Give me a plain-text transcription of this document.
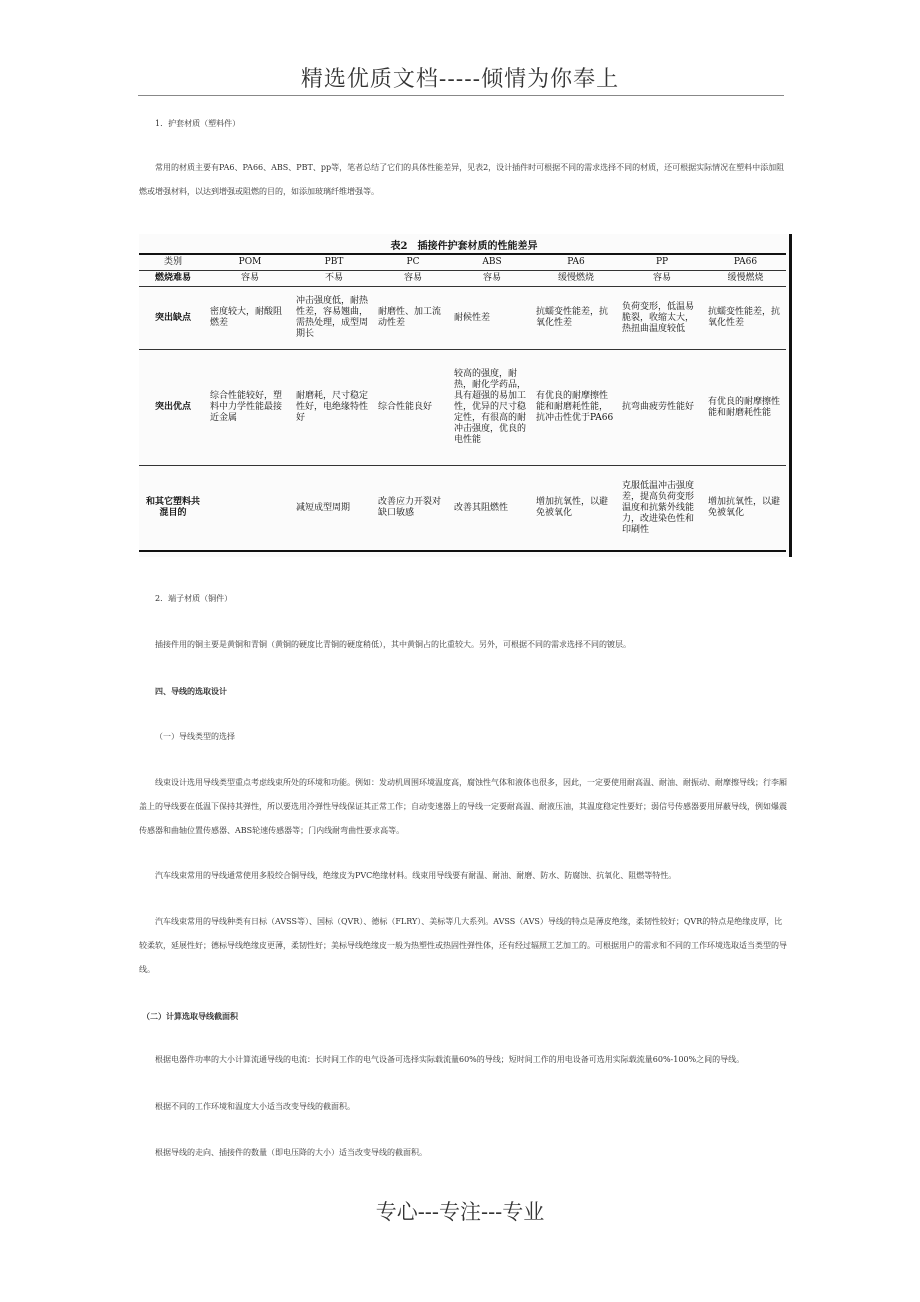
精选优质文档-----倾情为你奉上
1．护套材质（塑料件）
常用的材质主要有PA6、PA66、ABS、PBT、pp等，笔者总结了它们的具体性能差异，见表2，设计插件时可根据不同的需求选择不同的材质，还可根据实际情况在塑料中添加阻燃或增强材料，以达到增强或阻燃的目的，如添加玻璃纤维增强等。
表2　插接件护套材质的性能差异
类别	POM	PBT	PC	ABS	PA6	PP	PA66
燃烧难易	容易	不易	容易	容易	缓慢燃烧	容易	缓慢燃烧
突出缺点	密度较大，耐酸阻燃差	冲击强度低，耐热性差，容易翘曲，需热处理，成型周期长	耐磨性、加工流动性差	耐候性差	抗蠕变性能差，抗氧化性差	负荷变形，低温易脆裂，收缩太大，热扭曲温度较低	抗蠕变性能差，抗氧化性差
突出优点	综合性能较好，塑料中力学性能最接近金属	耐磨耗，尺寸稳定性好，电绝缘特性好	综合性能良好	较高的强度，耐热，耐化学药品，具有超强的易加工性，优异的尺寸稳定性，有很高的耐冲击强度，优良的电性能	有优良的耐摩擦性能和耐磨耗性能，抗冲击性优于PA66	抗弯曲疲劳性能好	有优良的耐摩擦性能和耐磨耗性能
和其它塑料共混目的		减短成型周期	改善应力开裂对缺口敏感	改善其阻燃性	增加抗氧性，以避免被氧化	克服低温冲击强度差，提高负荷变形温度和抗紫外线能力，改进染色性和印刷性	增加抗氧性，以避免被氧化
2．端子材质（铜件）
插接件用的铜主要是黄铜和青铜（黄铜的硬度比青铜的硬度稍低），其中黄铜占的比重较大。另外，可根据不同的需求选择不同的镀层。
四、导线的选取设计
（一）导线类型的选择
线束设计选用导线类型重点考虑线束所处的环境和功能。例如：发动机周围环境温度高，腐蚀性气体和液体也很多，因此，一定要使用耐高温、耐油、耐振动、耐摩擦导线；行李厢盖上的导线要在低温下保持其弹性，所以要选用冷弹性导线保证其正常工作；自动变速器上的导线一定要耐高温、耐液压油，其温度稳定性要好；弱信号传感器要用屏蔽导线，例如爆震传感器和曲轴位置传感器、ABS轮速传感器等；门内线耐弯曲性要求高等。
汽车线束常用的导线通常使用多股绞合铜导线，绝缘皮为PVC绝缘材料。线束用导线要有耐温、耐油、耐磨、防水、防腐蚀、抗氧化、阻燃等特性。
汽车线束常用的导线种类有日标（AVSS等）、国标（QVR）、德标（FLRY）、美标等几大系列。AVSS（AVS）导线的特点是薄皮绝缘，柔韧性较好；QVR的特点是绝缘皮厚，比较柔软，延展性好；德标导线绝缘皮更薄，柔韧性好；美标导线绝缘皮一般为热塑性或热固性弹性体，还有经过辐照工艺加工的。可根据用户的需求和不同的工作环境选取适当类型的导线。
（二）计算选取导线截面积
根据电器件功率的大小计算流通导线的电流：长时间工作的电气设备可选择实际载流量60%的导线；短时间工作的用电设备可选用实际载流量60%-100%之间的导线。
根据不同的工作环境和温度大小适当改变导线的截面积。
根据导线的走向、插接件的数量（即电压降的大小）适当改变导线的截面积。
专心---专注---专业
